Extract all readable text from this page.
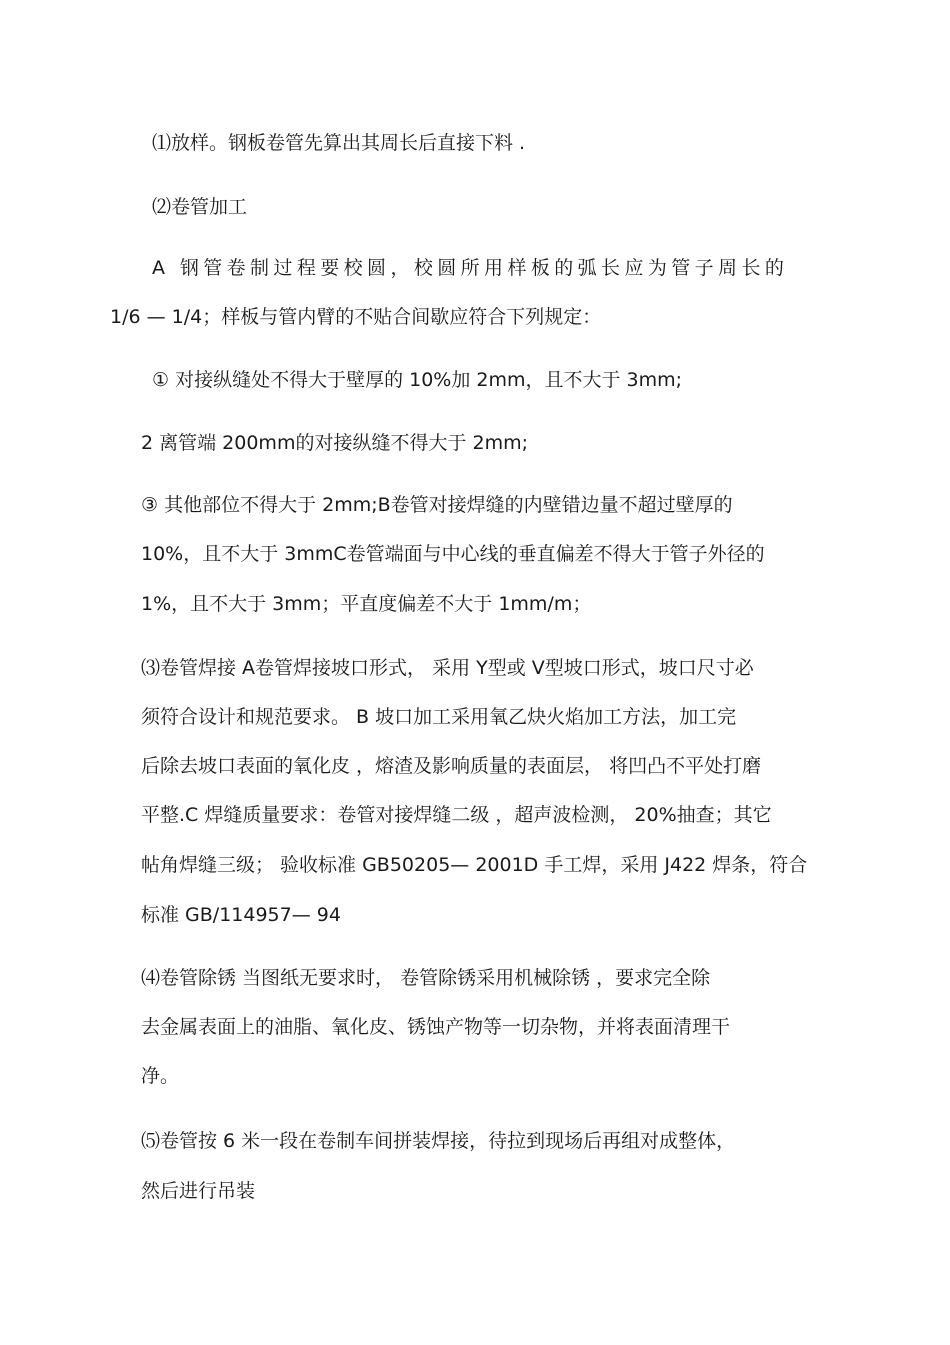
⑴放样。钢板卷管先算出其周长后直接下料 .
⑵卷管加工
A 钢管卷制过程要校圆，校圆所用样板的弧长应为管子周长的
1/6 — 1/4；样板与管内臂的不贴合间歇应符合下列规定：
① 对接纵缝处不得大于壁厚的 10%加 2mm，且不大于 3mm;
2 离管端 200mm的对接纵缝不得大于 2mm;
③ 其他部位不得大于 2mm;B卷管对接焊缝的内壁错边量不超过壁厚的
10%，且不大于 3mmC卷管端面与中心线的垂直偏差不得大于管子外径的
1%，且不大于 3mm；平直度偏差不大于 1mm/m；
⑶卷管焊接 A卷管焊接坡口形式， 采用 Y型或 V型坡口形式，坡口尺寸必
须符合设计和规范要求。 B 坡口加工采用氧乙炔火焰加工方法，加工完
后除去坡口表面的氧化皮 ，熔渣及影响质量的表面层， 将凹凸不平处打磨
平整.C 焊缝质量要求：卷管对接焊缝二级 ，超声波检测， 20%抽查；其它
帖角焊缝三级； 验收标准 GB50205— 2001D 手工焊，采用 J422 焊条，符合
标准 GB/114957— 94
⑷卷管除锈 当图纸无要求时， 卷管除锈采用机械除锈 ，要求完全除
去金属表面上的油脂、氧化皮、锈蚀产物等一切杂物，并将表面清理干
净。
⑸卷管按 6 米一段在卷制车间拼装焊接，待拉到现场后再组对成整体，
然后进行吊装
